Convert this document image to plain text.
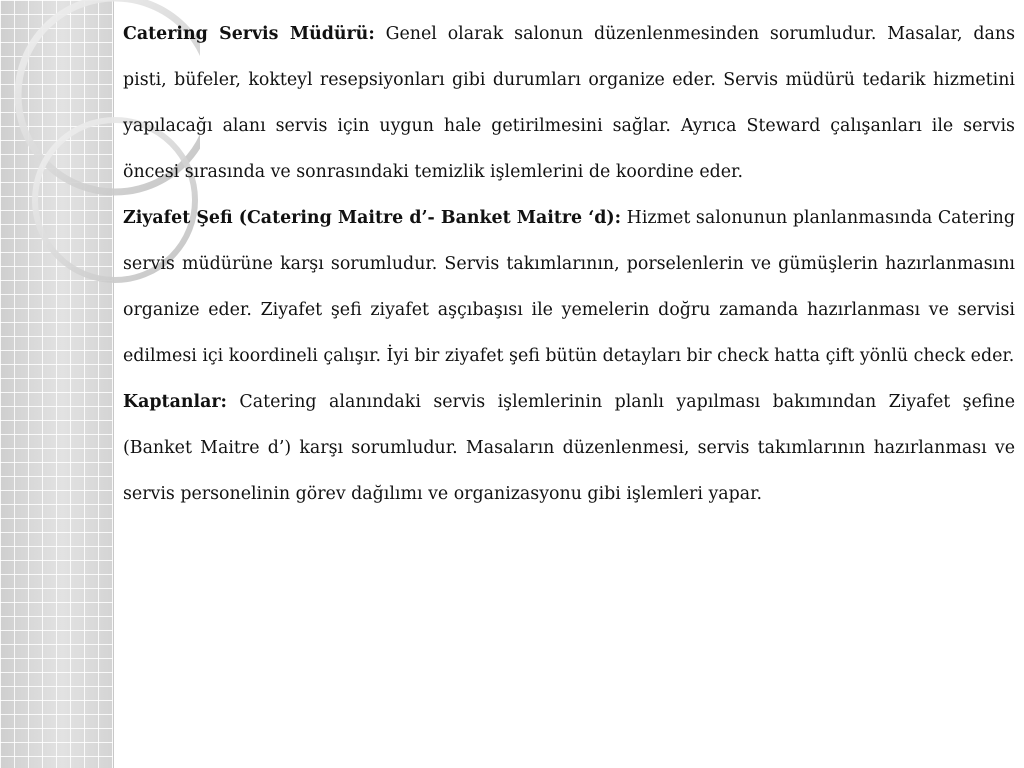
Catering Servis Müdürü: Genel olarak salonun düzenlenmesinden sorumludur. Masalar, dans pisti, büfeler, kokteyl resepsiyonları gibi durumları organize eder. Servis müdürü tedarik hizmetini yapılacağı alanı servis için uygun hale getirilmesini sağlar. Ayrıca Steward çalışanları ile servis öncesi sırasında ve sonrasındaki temizlik işlemlerini de koordine eder.

Ziyafet Şefi (Catering Maitre d’- Banket Maitre ‘d): Hizmet salonunun planlanmasında Catering servis müdürüne karşı sorumludur. Servis takımlarının, porselenlerin ve gümüşlerin hazırlanmasını organize eder. Ziyafet şefi ziyafet aşçıbaşısı ile yemelerin doğru zamanda hazırlanması ve servisi edilmesi içi koordineli çalışır. İyi bir ziyafet şefi bütün detayları bir check hatta çift yönlü check eder.

Kaptanlar: Catering alanındaki servis işlemlerinin planlı yapılması bakımından Ziyafet şefine (Banket Maitre d’) karşı sorumludur. Masaların düzenlenmesi, servis takımlarının hazırlanması ve servis personelinin görev dağılımı ve organizasyonu gibi işlemleri yapar.
